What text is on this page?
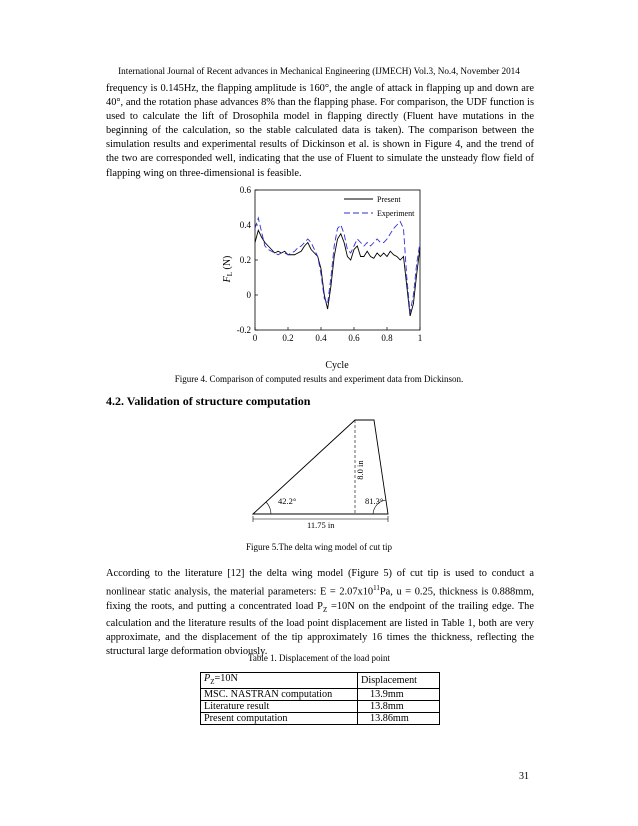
International Journal of Recent advances in Mechanical Engineering (IJMECH) Vol.3, No.4, November 2014

frequency is 0.145Hz, the flapping amplitude is 160°, the angle of attack in flapping up and down are 40°, and the rotation phase advances 8% than the flapping phase. For comparison, the UDF function is used to calculate the lift of Drosophila model in flapping directly (Fluent have mutations in the beginning of the calculation, so the stable calculated data is taken). The comparison between the simulation results and experimental results of Dickinson et al. is shown in Figure 4, and the trend of the two are corresponded well, indicating that the use of Fluent to simulate the unsteady flow field of flapping wing on three-dimensional is feasible.

0	0.2 0.4 0.6 0.8	1
0.6
0.4
0.2
0
-0.2
$F_L$ (N)
Cycle
Present
Experiment
Figure 4. Comparison of computed results and experiment data from Dickinson.
4.2. Validation of structure computation
42.2°	81.3°
8.0 in
11.75 in
Figure 5.The delta wing model of cut tip

According to the literature [12] the delta wing model (Figure 5) of cut tip is used to conduct a nonlinear static analysis, the material parameters: $E = 2.07x10^{11}Pa$, u = 0.25, thickness is 0.888mm, fixing the roots, and putting a concentrated load $P_Z =10N$ on the endpoint of the trailing edge. The calculation and the literature results of the load point displacement are listed in Table 1, both are very approximate, and the displacement of the tip approximately 16 times the thickness, reflecting the structural large deformation obviously.

Table 1. Displacement of the load point
$P_Z=10N$	Displacement
MSC. NASTRAN computation	13.9mm
Literature result	13.8mm
Present computation	13.86mm
31
